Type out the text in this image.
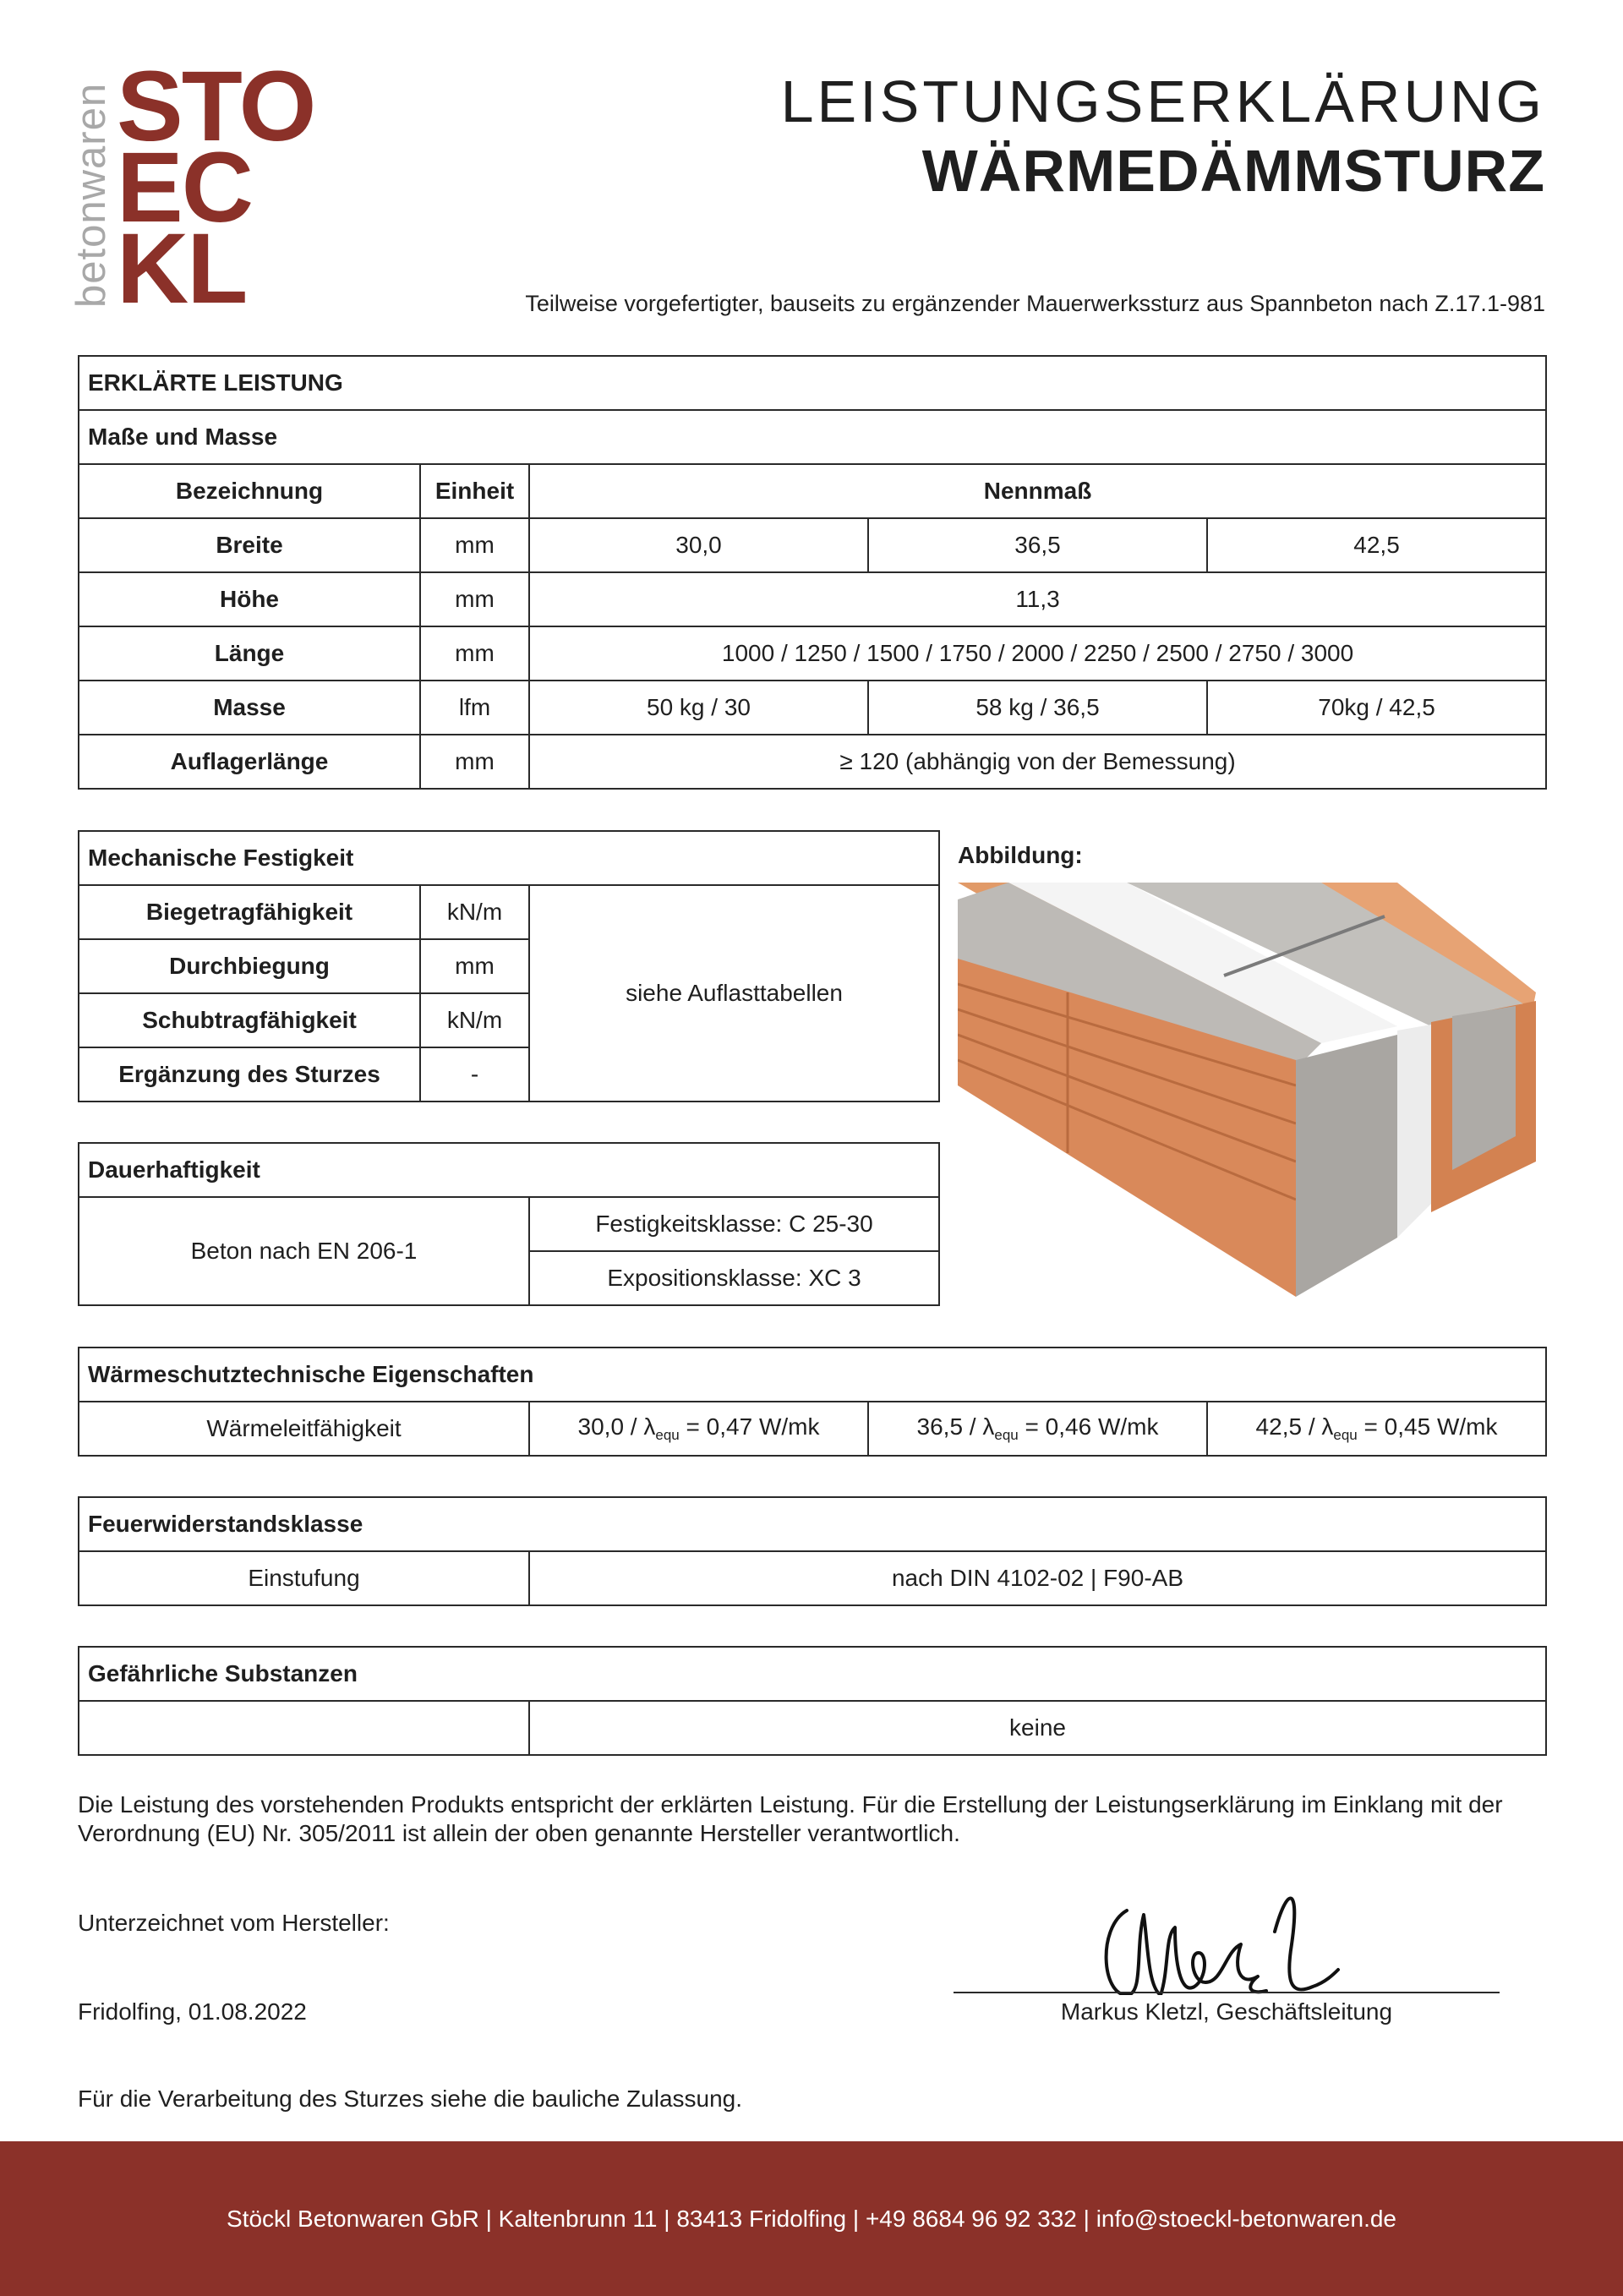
betonwaren STO
EC
KL
LEISTUNGSERKLÄRUNG
WÄRMEDÄMMSTURZ
Teilweise vorgefertigter, bauseits zu ergänzender Mauerwerkssturz aus Spannbeton nach Z.17.1-981
ERKLÄRTE LEISTUNG				
Maße und Masse				
Bezeichnung	Einheit	Nennmaß		
Breite	mm	30,0	36,5	42,5
Höhe	mm	11,3		
Länge	mm	1000 / 1250 / 1500 / 1750 / 2000 / 2250 / 2500 / 2750 / 3000		
Masse	lfm	50 kg / 30	58 kg / 36,5	70kg / 42,5
Auflagerlänge	mm	≥ 120 (abhängig von der Bemessung)		
Mechanische Festigkeit		
Biegetragfähigkeit	kN/m	siehe Auflasttabellen
Durchbiegung	mm	
Schubtragfähigkeit	kN/m	
Ergänzung des Sturzes	-	
Abbildung:
Dauerhaftigkeit
Beton nach EN 206-1	Festigkeitsklasse: C 25-30
Expositionsklasse: XC 3
Wärmeschutztechnische Eigenschaften
Wärmeleitfähigkeit	$30,0 / \lambda_{equ} = 0,47$ W/mk	$36,5 / \lambda_{equ} = 0,46$ W/mk	$42,5 / \lambda_{equ} = 0,45$ W/mk
Feuerwiderstandsklasse
Einstufung	nach DIN 4102-02 | F90-AB
Gefährliche Substanzen
	keine
Die Leistung des vorstehenden Produkts entspricht der erklärten Leistung. Für die Erstellung der Leistungserklärung im Einklang mit der Verordnung (EU) Nr. 305/2011 ist allein der oben genannte Hersteller verantwortlich.
Unterzeichnet vom Hersteller:
Fridolfing, 01.08.2022	Markus Kletzl, Geschäftsleitung
Für die Verarbeitung des Sturzes siehe die bauliche Zulassung.
Stöckl Betonwaren GbR | Kaltenbrunn 11 | 83413 Fridolfing | +49 8684 96 92 332 | info@stoeckl-betonwaren.de
